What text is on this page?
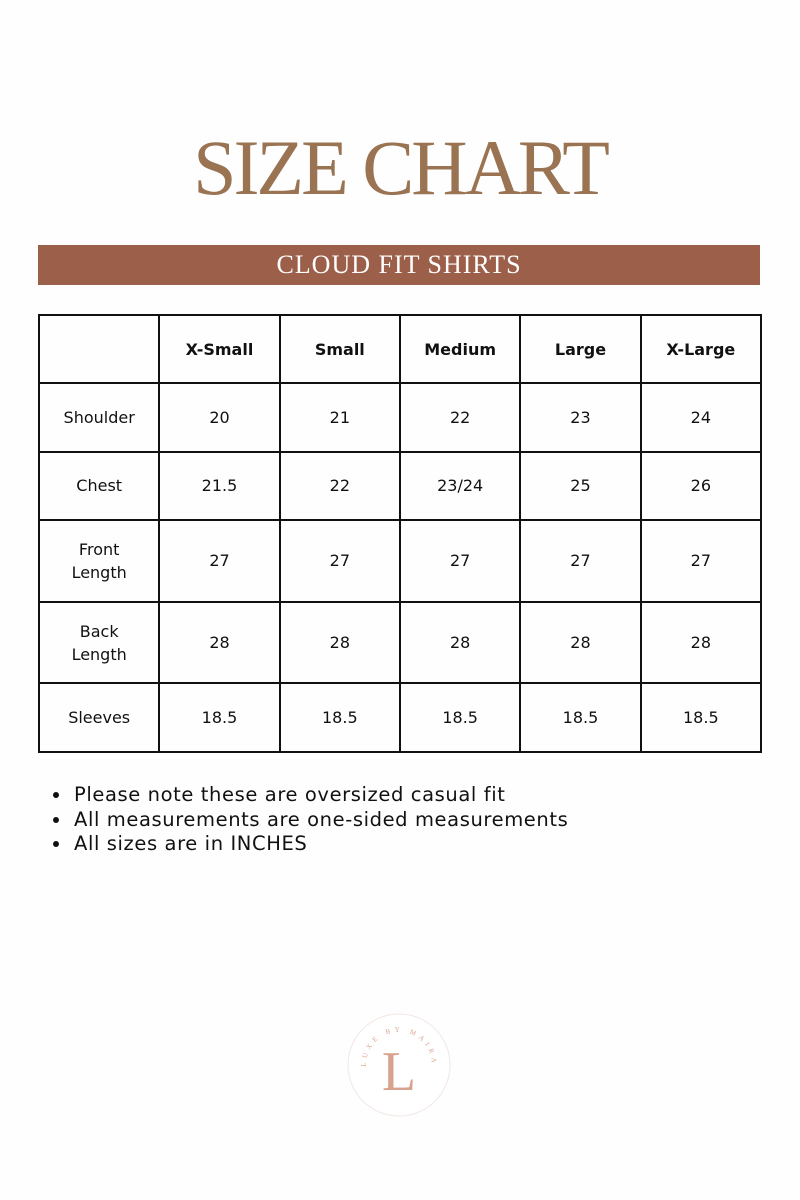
SIZE CHART
CLOUD FIT SHIRTS
	X-Small	Small	Medium	Large	X-Large

Shoulder	20	21	22	23	24

Chest	21.5	22	23/24	25	26

Front
Length	27	27	27	27	27

Back
Length	28	28	28	28	28

Sleeves	18.5	18.5	18.5	18.5	18.5
• Please note these are oversized casual fit
• All measurements are one-sided measurements
• All sizes are in INCHES
LUXE BY MAIRA
L
